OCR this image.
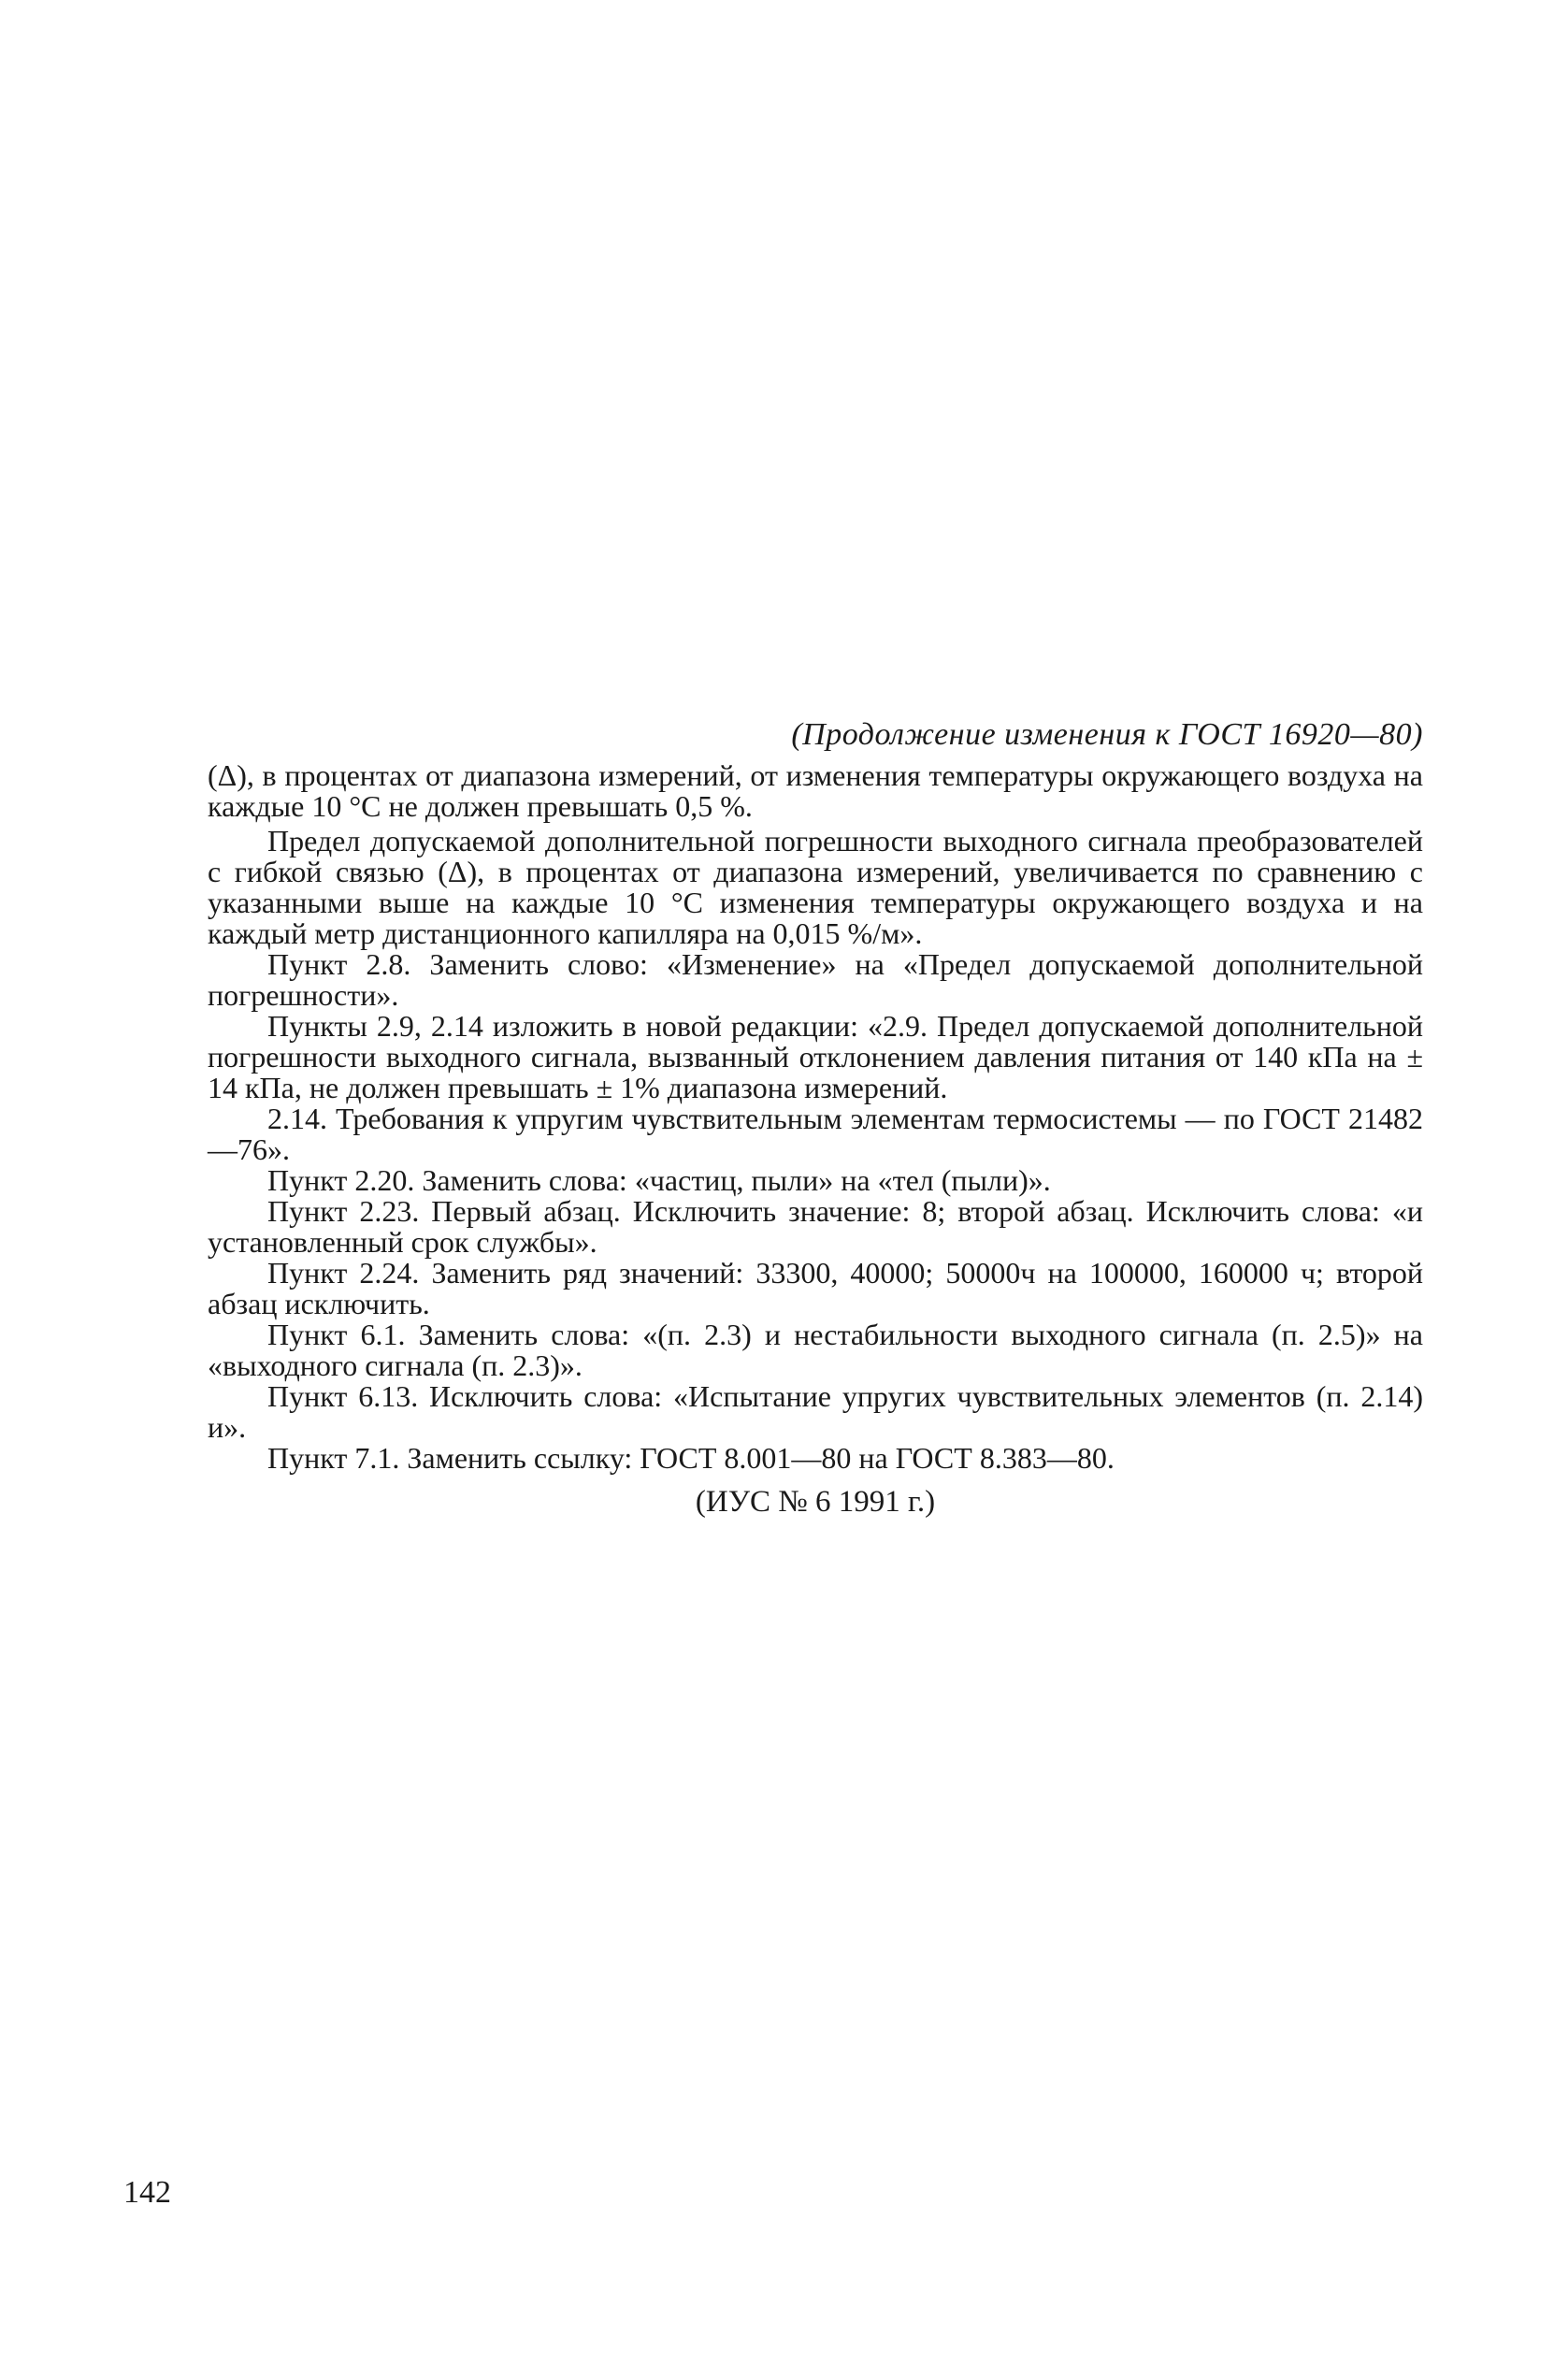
(Продолжение изменения к ГОСТ 16920—80)

(Δ), в процентах от диапазона измерений, от изменения температуры окружающего воздуха на каждые 10 °С не должен превышать 0,5 %.

Предел допускаемой дополнительной погрешности выходного сигнала преобразователей с гибкой связью (Δ), в процентах от диапазона измерений, увеличивается по сравнению с указанными выше на каждые 10 °С изменения температуры окружающего воздуха и на каждый метр дистанционного капилляра на 0,015 %/м».

Пункт 2.8. Заменить слово: «Изменение» на «Предел допускаемой дополнительной погрешности».

Пункты 2.9, 2.14 изложить в новой редакции: «2.9. Предел допускаемой дополнительной погрешности выходного сигнала, вызванный отклонением давления питания от 140 кПа на ± 14 кПа, не должен превышать ± 1% диапазона измерений.

2.14. Требования к упругим чувствительным элементам термосистемы — по ГОСТ 21482—76».

Пункт 2.20. Заменить слова: «частиц, пыли» на «тел (пыли)».

Пункт 2.23. Первый абзац. Исключить значение: 8; второй абзац. Исключить слова: «и установленный срок службы».

Пункт 2.24. Заменить ряд значений: 33300, 40000; 50000ч на 100000, 160000 ч; второй абзац исключить.

Пункт 6.1. Заменить слова: «(п. 2.3) и нестабильности выходного сигнала (п. 2.5)» на «выходного сигнала (п. 2.3)».

Пункт 6.13. Исключить слова: «Испытание упругих чувствительных элементов (п. 2.14) и».

Пункт 7.1. Заменить ссылку: ГОСТ 8.001—80 на ГОСТ 8.383—80.

(ИУС № 6 1991 г.)
142
